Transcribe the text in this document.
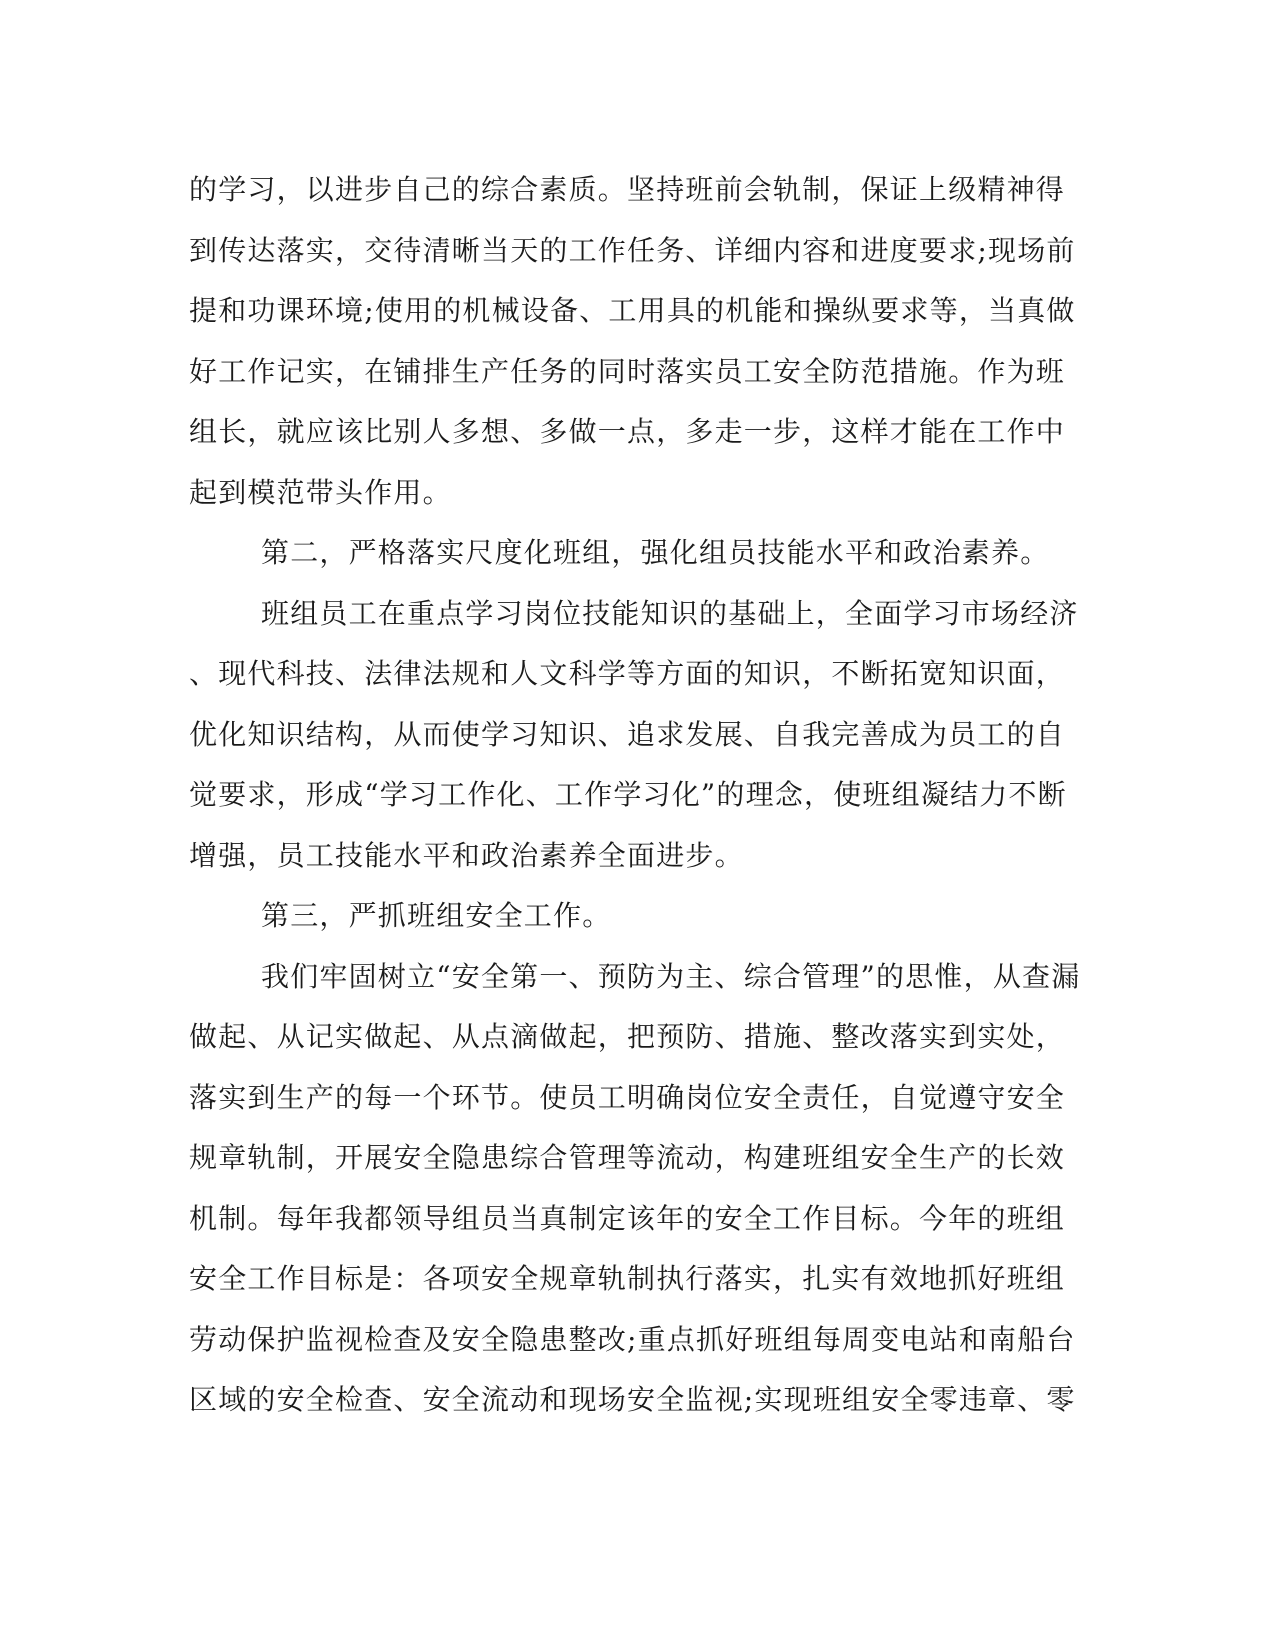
的学习，以进步自己的综合素质。坚持班前会轨制，保证上级精神得
到传达落实，交待清晰当天的工作任务、详细内容和进度要求;现场前
提和功课环境;使用的机械设备、工用具的机能和操纵要求等，当真做
好工作记实，在铺排生产任务的同时落实员工安全防范措施。作为班
组长，就应该比别人多想、多做一点，多走一步，这样才能在工作中
起到模范带头作用。
第二，严格落实尺度化班组，强化组员技能水平和政治素养。
班组员工在重点学习岗位技能知识的基础上，全面学习市场经济
、现代科技、法律法规和人文科学等方面的知识，不断拓宽知识面，
优化知识结构，从而使学习知识、追求发展、自我完善成为员工的自
觉要求，形成“学习工作化、工作学习化”的理念，使班组凝结力不断
增强，员工技能水平和政治素养全面进步。
第三，严抓班组安全工作。
我们牢固树立“安全第一、预防为主、综合管理”的思惟，从查漏
做起、从记实做起、从点滴做起，把预防、措施、整改落实到实处，
落实到生产的每一个环节。使员工明确岗位安全责任，自觉遵守安全
规章轨制，开展安全隐患综合管理等流动，构建班组安全生产的长效
机制。每年我都领导组员当真制定该年的安全工作目标。今年的班组
安全工作目标是：各项安全规章轨制执行落实，扎实有效地抓好班组
劳动保护监视检查及安全隐患整改;重点抓好班组每周变电站和南船台
区域的安全检查、安全流动和现场安全监视;实现班组安全零违章、零
